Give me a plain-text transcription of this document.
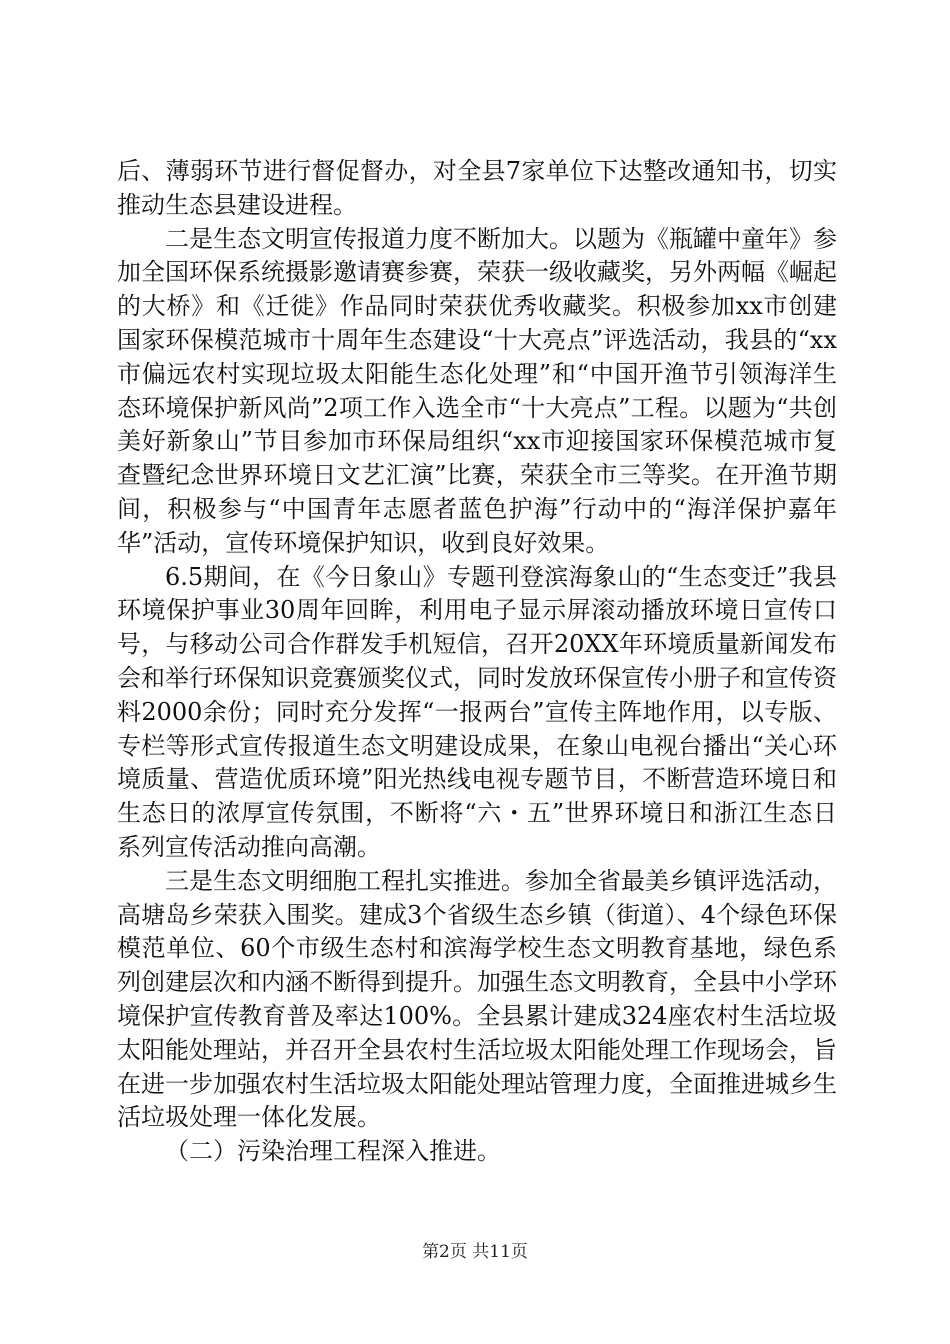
后、薄弱环节进行督促督办，对全县7家单位下达整改通知书，切实推动生态县建设进程。

二是生态文明宣传报道力度不断加大。以题为《瓶罐中童年》参加全国环保系统摄影邀请赛参赛，荣获一级收藏奖，另外两幅《崛起的大桥》和《迁徙》作品同时荣获优秀收藏奖。积极参加xx市创建国家环保模范城市十周年生态建设“十大亮点”评选活动，我县的“xx市偏远农村实现垃圾太阳能生态化处理”和“中国开渔节引领海洋生态环境保护新风尚”2项工作入选全市“十大亮点”工程。以题为“共创美好新象山”节目参加市环保局组织“xx市迎接国家环保模范城市复查暨纪念世界环境日文艺汇演”比赛，荣获全市三等奖。在开渔节期间，积极参与“中国青年志愿者蓝色护海”行动中的“海洋保护嘉年华”活动，宣传环境保护知识，收到良好效果。

6.5期间，在《今日象山》专题刊登滨海象山的“生态变迁”我县环境保护事业30周年回眸，利用电子显示屏滚动播放环境日宣传口号，与移动公司合作群发手机短信，召开20XX年环境质量新闻发布会和举行环保知识竞赛颁奖仪式，同时发放环保宣传小册子和宣传资料2000余份；同时充分发挥“一报两台”宣传主阵地作用，以专版、专栏等形式宣传报道生态文明建设成果，在象山电视台播出“关心环境质量、营造优质环境”阳光热线电视专题节目，不断营造环境日和生态日的浓厚宣传氛围，不断将“六・五”世界环境日和浙江生态日系列宣传活动推向高潮。

三是生态文明细胞工程扎实推进。参加全省最美乡镇评选活动，高塘岛乡荣获入围奖。建成3个省级生态乡镇（街道）、4个绿色环保模范单位、60个市级生态村和滨海学校生态文明教育基地，绿色系列创建层次和内涵不断得到提升。加强生态文明教育，全县中小学环境保护宣传教育普及率达100%。全县累计建成324座农村生活垃圾太阳能处理站，并召开全县农村生活垃圾太阳能处理工作现场会，旨在进一步加强农村生活垃圾太阳能处理站管理力度，全面推进城乡生活垃圾处理一体化发展。

（二）污染治理工程深入推进。

第2页 共11页
